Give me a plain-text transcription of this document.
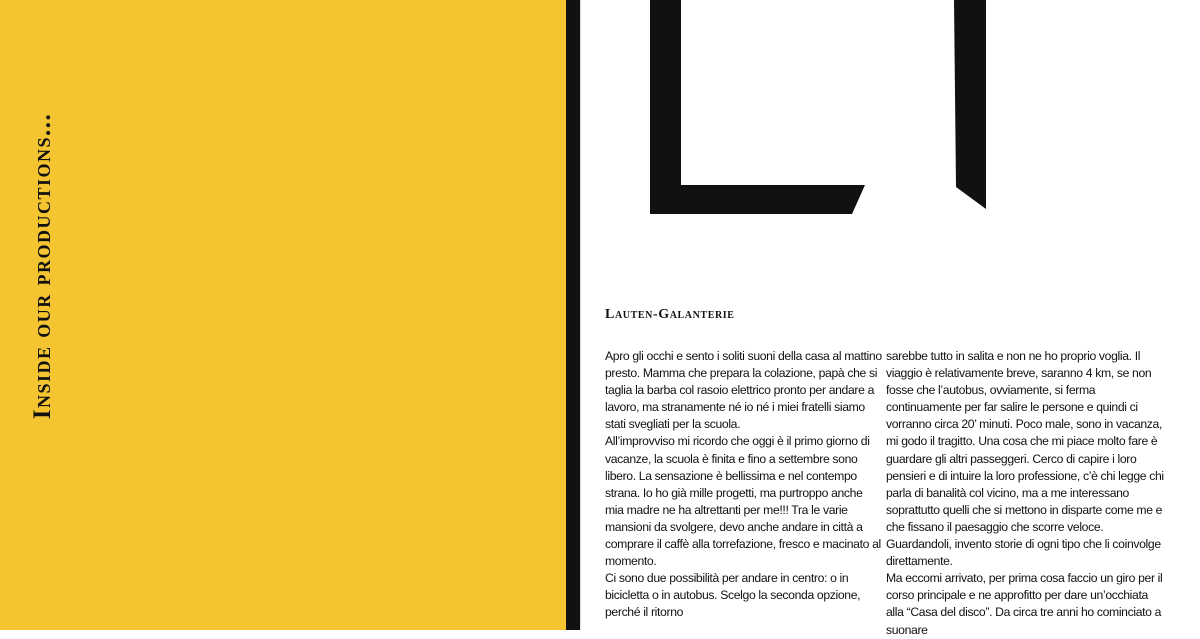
Inside our productions...	Lauten-Galanterie

Apro gli occhi e sento i soliti suoni della casa al mattino presto. Mamma che prepara la colazione, papà che si taglia la barba col rasoio elettrico pronto per andare a lavoro, ma stranamente né io né i miei fratelli siamo stati svegliati per la scuola.

All’improvviso mi ricordo che oggi è il primo giorno di vacanze, la scuola è finita e fino a settembre sono libero. La sensazione è bellissima e nel contempo strana. Io ho già mille progetti, ma purtroppo anche mia madre ne ha altrettanti per me!!! Tra le varie mansioni da svolgere, devo anche andare in città a comprare il caffè alla torrefazione, fresco e macinato al momento.

Ci sono due possibilità per andare in centro: o in bicicletta o in autobus. Scelgo la seconda opzione, perché il ritorno

sarebbe tutto in salita e non ne ho proprio voglia. Il viaggio è relativamente breve, saranno 4 km, se non fosse che l’autobus, ovviamente, si ferma continuamente per far salire le persone e quindi ci vorranno circa 20’ minuti. Poco male, sono in vacanza, mi godo il tragitto. Una cosa che mi piace molto fare è guardare gli altri passeggeri. Cerco di capire i loro pensieri e di intuire la loro professione, c’è chi legge chi parla di banalità col vicino, ma a me interessano soprattutto quelli che si mettono in disparte come me e che fissano il paesaggio che scorre veloce. Guardandoli, invento storie di ogni tipo che li coinvolge direttamente.

Ma eccomi arrivato, per prima cosa faccio un giro per il corso principale e ne approfitto per dare un’occhiata alla “Casa del disco”. Da circa tre anni ho cominciato a suonare
